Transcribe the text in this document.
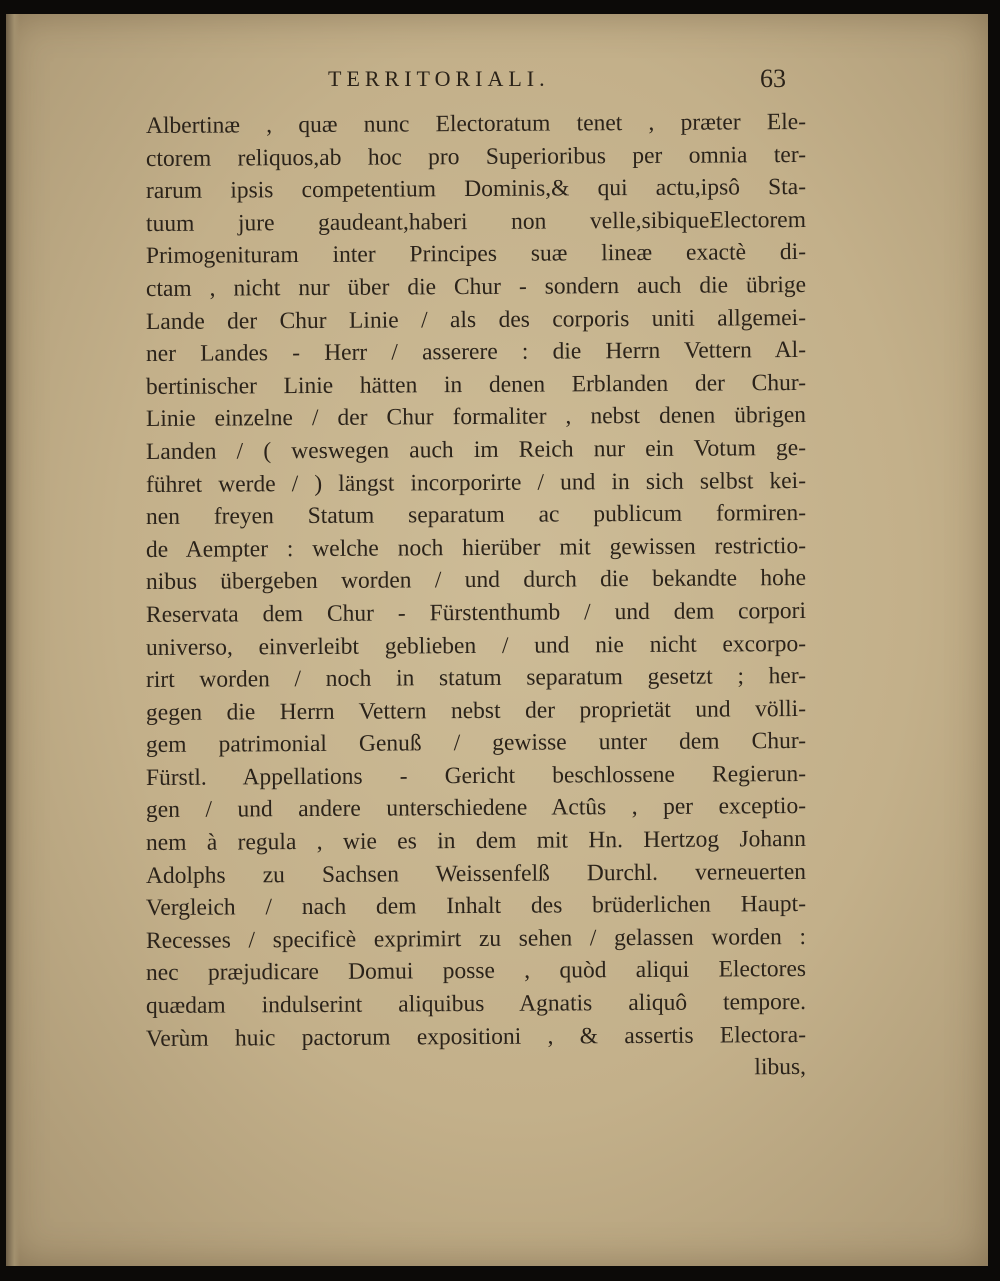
TERRITORIALI.	63
Albertinæ , quæ nunc Electoratum tenet , præter Ele-
ctorem reliquos,ab hoc pro Superioribus per omnia ter-
rarum ipsis competentium Dominis,& qui actu,ipsô Sta-
tuum jure gaudeant,haberi non velle,sibiqueElectorem
Primogenituram inter Principes suæ lineæ exactè di-
ctam , nicht nur über die Chur - sondern auch die übrige
Lande der Chur Linie / als des corporis uniti allgemei-
ner Landes - Herr / asserere : die Herrn Vettern Al-
bertinischer Linie hätten in denen Erblanden der Chur-
Linie einzelne / der Chur formaliter , nebst denen übrigen
Landen / ( weswegen auch im Reich nur ein Votum ge-
führet werde / ) längst incorporirte / und in sich selbst kei-
nen freyen Statum separatum ac publicum formiren-
de Aempter : welche noch hierüber mit gewissen restrictio-
nibus übergeben worden / und durch die bekandte hohe
Reservata dem Chur - Fürstenthumb / und dem corpori
universo, einverleibt geblieben / und nie nicht excorpo-
rirt worden / noch in statum separatum gesetzt ; her-
gegen die Herrn Vettern nebst der proprietät und völli-
gem patrimonial Genuß / gewisse unter dem Chur-
Fürstl. Appellations - Gericht beschlossene Regierun-
gen / und andere unterschiedene Actûs , per exceptio-
nem à regula , wie es in dem mit Hn. Hertzog Johann
Adolphs zu Sachsen Weissenfelß Durchl. verneuerten
Vergleich / nach dem Inhalt des brüderlichen Haupt-
Recesses / specificè exprimirt zu sehen / gelassen worden :
nec præjudicare Domui posse , quòd aliqui Electores
quædam indulserint aliquibus Agnatis aliquô tempore.
Verùm huic pactorum expositioni , & assertis Electora-
libus,
